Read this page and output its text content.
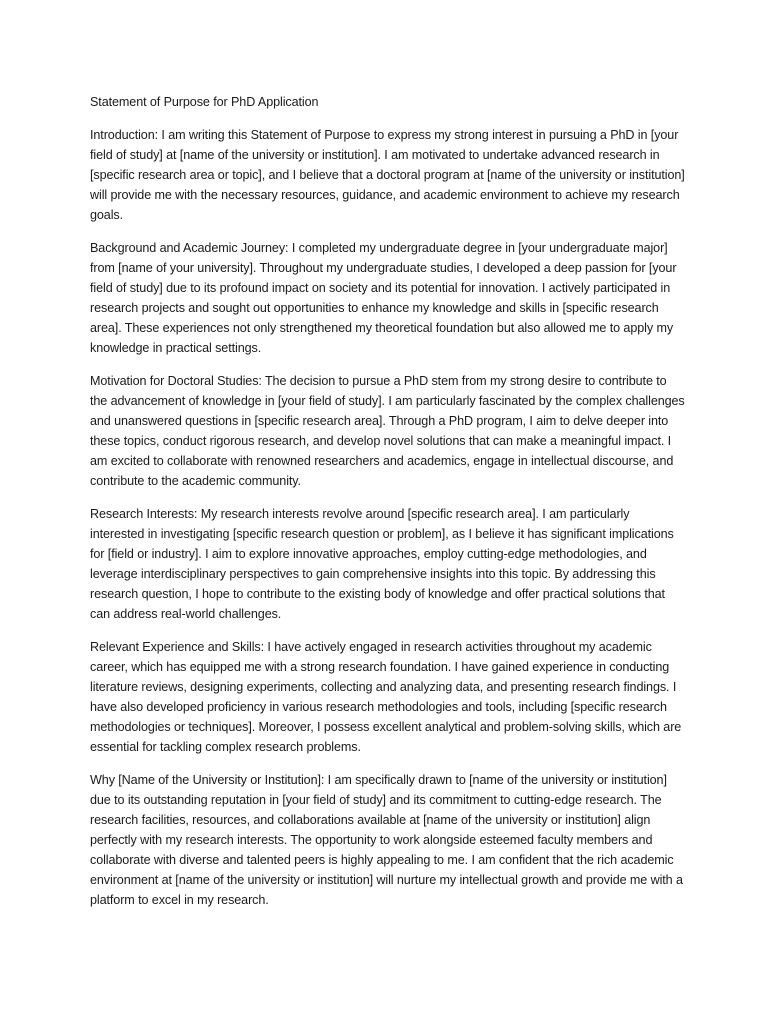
Statement of Purpose for PhD Application

Introduction: I am writing this Statement of Purpose to express my strong interest in pursuing a PhD in [your field of study] at [name of the university or institution]. I am motivated to undertake advanced research in [specific research area or topic], and I believe that a doctoral program at [name of the university or institution] will provide me with the necessary resources, guidance, and academic environment to achieve my research goals.

Background and Academic Journey: I completed my undergraduate degree in [your undergraduate major] from [name of your university]. Throughout my undergraduate studies, I developed a deep passion for [your field of study] due to its profound impact on society and its potential for innovation. I actively participated in research projects and sought out opportunities to enhance my knowledge and skills in [specific research area]. These experiences not only strengthened my theoretical foundation but also allowed me to apply my knowledge in practical settings.

Motivation for Doctoral Studies: The decision to pursue a PhD stem from my strong desire to contribute to the advancement of knowledge in [your field of study]. I am particularly fascinated by the complex challenges and unanswered questions in [specific research area]. Through a PhD program, I aim to delve deeper into these topics, conduct rigorous research, and develop novel solutions that can make a meaningful impact. I am excited to collaborate with renowned researchers and academics, engage in intellectual discourse, and contribute to the academic community.

Research Interests: My research interests revolve around [specific research area]. I am particularly interested in investigating [specific research question or problem], as I believe it has significant implications for [field or industry]. I aim to explore innovative approaches, employ cutting-edge methodologies, and leverage interdisciplinary perspectives to gain comprehensive insights into this topic. By addressing this research question, I hope to contribute to the existing body of knowledge and offer practical solutions that can address real-world challenges.

Relevant Experience and Skills: I have actively engaged in research activities throughout my academic career, which has equipped me with a strong research foundation. I have gained experience in conducting literature reviews, designing experiments, collecting and analyzing data, and presenting research findings. I have also developed proficiency in various research methodologies and tools, including [specific research methodologies or techniques]. Moreover, I possess excellent analytical and problem-solving skills, which are essential for tackling complex research problems.

Why [Name of the University or Institution]: I am specifically drawn to [name of the university or institution] due to its outstanding reputation in [your field of study] and its commitment to cutting-edge research. The research facilities, resources, and collaborations available at [name of the university or institution] align perfectly with my research interests. The opportunity to work alongside esteemed faculty members and collaborate with diverse and talented peers is highly appealing to me. I am confident that the rich academic environment at [name of the university or institution] will nurture my intellectual growth and provide me with a platform to excel in my research.
